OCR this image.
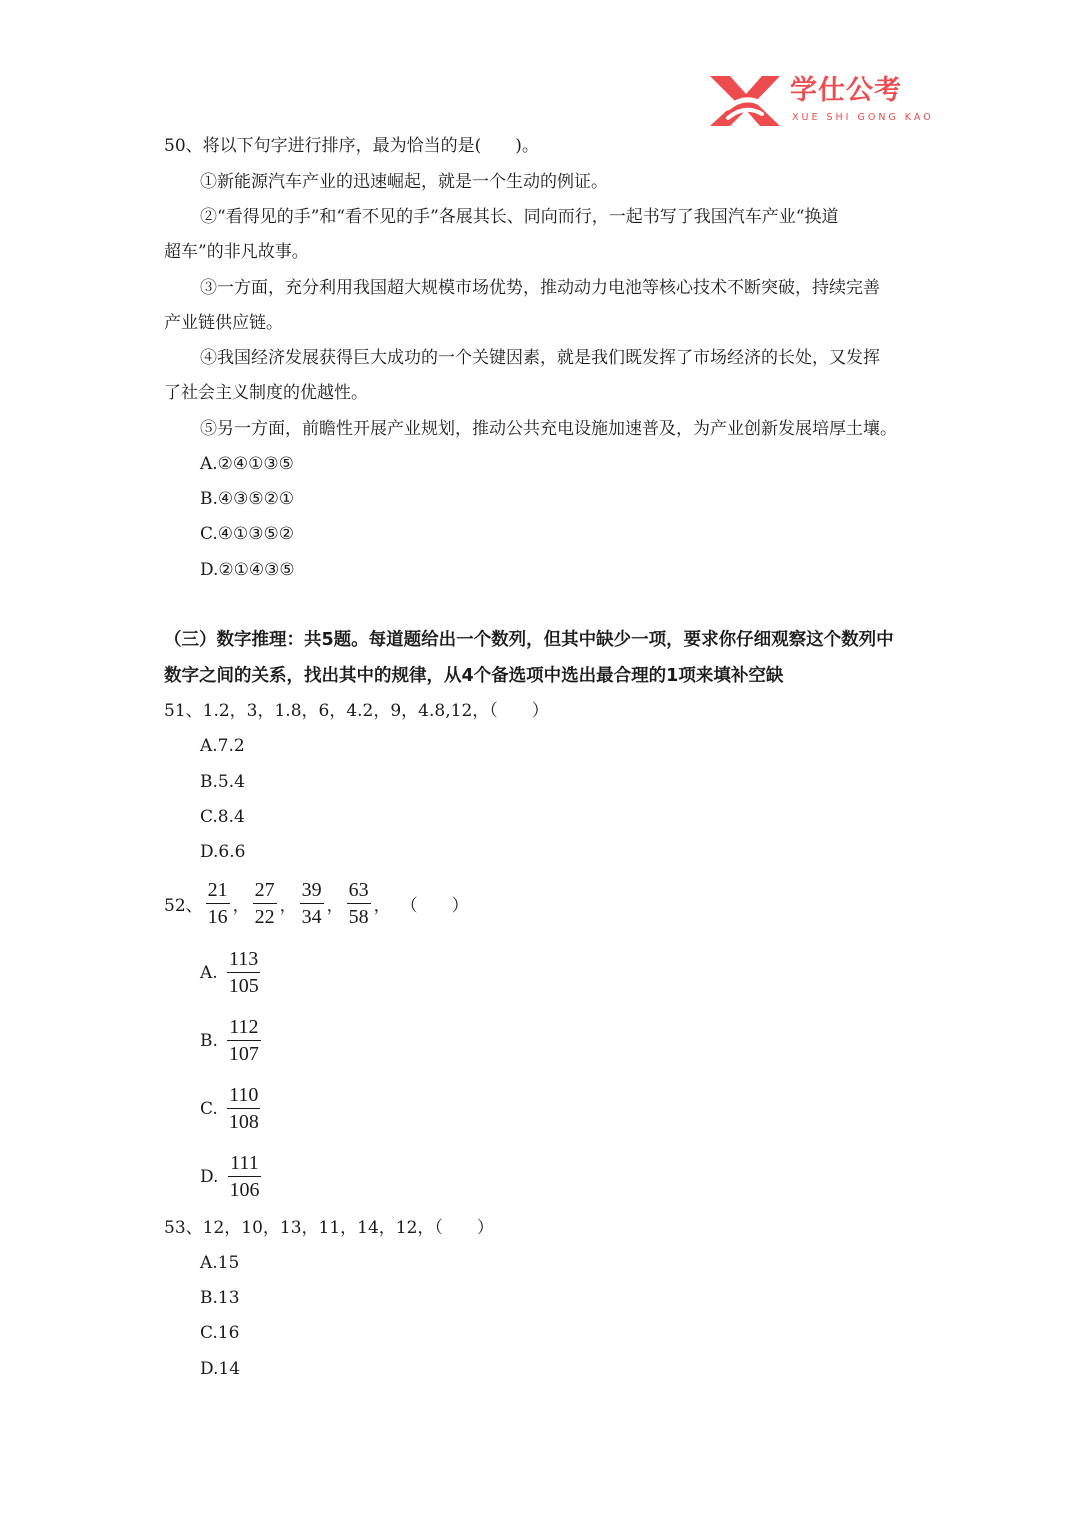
学仕公考
XUE SHI GONG KAO
50、将以下句字进行排序，最为恰当的是(　　)。
①新能源汽车产业的迅速崛起，就是一个生动的例证。
②“看得见的手”和“看不见的手”各展其长、同向而行，一起书写了我国汽车产业“换道
超车”的非凡故事。
③一方面，充分利用我国超大规模市场优势，推动动力电池等核心技术不断突破，持续完善
产业链供应链。
④我国经济发展获得巨大成功的一个关键因素，就是我们既发挥了市场经济的长处，又发挥
了社会主义制度的优越性。
⑤另一方面，前瞻性开展产业规划，推动公共充电设施加速普及，为产业创新发展培厚土壤。
A.②④①③⑤
B.④③⑤②①
C.④①③⑤②
D.②①④③⑤
（三）数字推理：共5题。每道题给出一个数列，但其中缺少一项，要求你仔细观察这个数列中
数字之间的关系，找出其中的规律，从4个备选项中选出最合理的1项来填补空缺
51、1.2，3，1.8，6，4.2，9，4.8,12，（　　）
A.7.2
B.5.4
C.8.4
D.6.6
52、 $\frac{21}{16}$ ， $\frac{27}{22}$ ， $\frac{39}{34}$ ， $\frac{63}{58}$ ， （　　）
A. $\frac{113}{105}$
B. $\frac{112}{107}$
C. $\frac{110}{108}$
D. $\frac{111}{106}$
53、12，10，13，11，14，12，（　　）
A.15
B.13
C.16
D.14
